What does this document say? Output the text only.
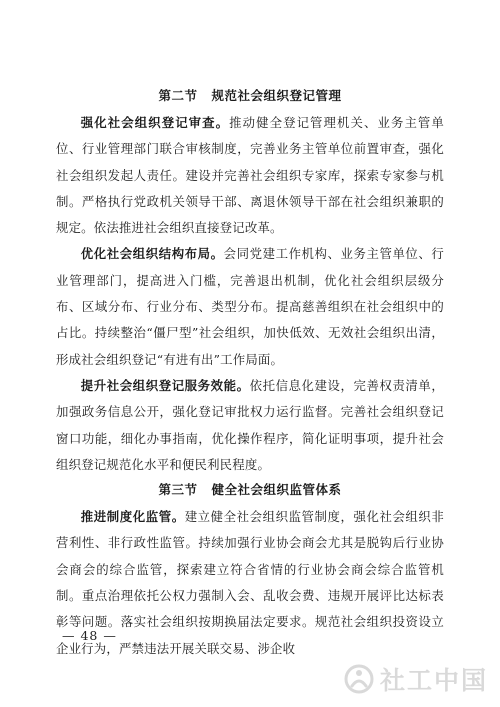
第二节 规范社会组织登记管理

强化社会组织登记审查。推动健全登记管理机关、业务主管单位、行业管理部门联合审核制度，完善业务主管单位前置审查，强化社会组织发起人责任。建设并完善社会组织专家库，探索专家参与机制。严格执行党政机关领导干部、离退休领导干部在社会组织兼职的规定。依法推进社会组织直接登记改革。

优化社会组织结构布局。会同党建工作机构、业务主管单位、行业管理部门，提高进入门槛，完善退出机制，优化社会组织层级分布、区域分布、行业分布、类型分布。提高慈善组织在社会组织中的占比。持续整治“僵尸型”社会组织，加快低效、无效社会组织出清，形成社会组织登记“有进有出”工作局面。

提升社会组织登记服务效能。依托信息化建设，完善权责清单，加强政务信息公开，强化登记审批权力运行监督。完善社会组织登记窗口功能，细化办事指南，优化操作程序，简化证明事项，提升社会组织登记规范化水平和便民利民程度。

第三节 健全社会组织监管体系

推进制度化监管。建立健全社会组织监管制度，强化社会组织非营利性、非行政性监管。持续加强行业协会商会尤其是脱钩后行业协会商会的综合监管，探索建立符合省情的行业协会商会综合监管机制。重点治理依托公权力强制入会、乱收会费、违规开展评比达标表彰等问题。落实社会组织按期换届法定要求。规范社会组织投资设立企业行为，严禁违法开展关联交易、涉企收

— 48 —
社工中国
